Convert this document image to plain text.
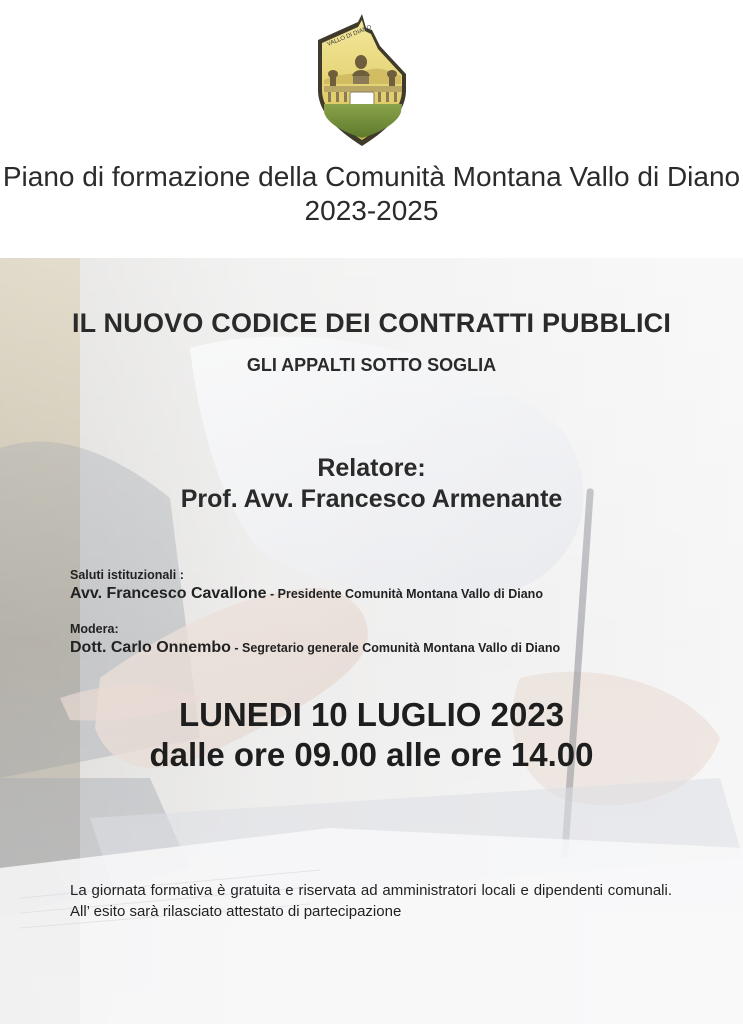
VALLO DI DIANO
Piano di formazione della Comunità Montana Vallo di Diano 2023-2025
IL NUOVO CODICE DEI CONTRATTI PUBBLICI
GLI APPALTI SOTTO SOGLIA
Relatore:
Prof. Avv. Francesco Armenante
Saluti istituzionali :
Avv. Francesco Cavallone - Presidente Comunità Montana Vallo di Diano
Modera:
Dott. Carlo Onnembo - Segretario generale Comunità Montana Vallo di Diano
LUNEDI 10 LUGLIO 2023
dalle ore 09.00 alle ore 14.00

La giornata formativa è gratuita e riservata ad amministratori locali e dipendenti comunali. All’ esito sarà rilasciato attestato di partecipazione
